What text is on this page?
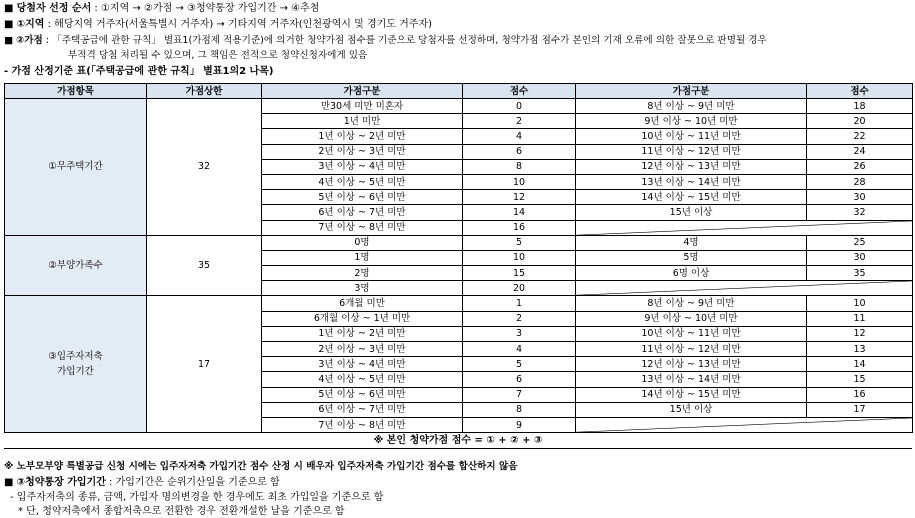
■ 당첨자 선정 순서 : ①지역 → ②가점 → ③청약통장 가입기간 → ④추첨
■ ①지역 : 해당지역 거주자(서울특별시 거주자) → 기타지역 거주자(인천광역시 및 경기도 거주자)
■ ②가점 : 「주택공급에 관한 규칙」 별표1(가점제 적용기준)에 의거한 청약가점 점수를 기준으로 당첨자를 선정하며, 청약가점 점수가 본인의 기재 오류에 의한 잘못으로 판명될 경우
부적격 당첨 처리될 수 있으며, 그 책임은 전적으로 청약신청자에게 있음
- 가점 산정기준 표(「주택공급에 관한 규칙」 별표1의2 나목)
가점항목	가점상한	가점구분	점수	가점구분	점수

①무주택기간	32	만30세 미만 미혼자	0	8년 이상 ~ 9년 미만	18
		1년 미만	2	9년 이상 ~ 10년 미만	20
		1년 이상 ~ 2년 미만	4	10년 이상 ~ 11년 미만	22
		2년 이상 ~ 3년 미만	6	11년 이상 ~ 12년 미만	24
		3년 이상 ~ 4년 미만	8	12년 이상 ~ 13년 미만	26
		4년 이상 ~ 5년 미만	10	13년 이상 ~ 14년 미만	28
		5년 이상 ~ 6년 미만	12	14년 이상 ~ 15년 미만	30
		6년 이상 ~ 7년 미만	14	15년 이상	32
		7년 이상 ~ 8년 미만	16	

②부양가족수	35	0명	5	4명	25
		1명	10	5명	30
		2명	15	6명 이상	35
		3명	20	

③입주자저축
가입기간	17	6개월 미만	1	8년 이상 ~ 9년 미만	10
		6개월 이상 ~ 1년 미만	2	9년 이상 ~ 10년 미만	11
		1년 이상 ~ 2년 미만	3	10년 이상 ~ 11년 미만	12
		2년 이상 ~ 3년 미만	4	11년 이상 ~ 12년 미만	13
		3년 이상 ~ 4년 미만	5	12년 이상 ~ 13년 미만	14
		4년 이상 ~ 5년 미만	6	13년 이상 ~ 14년 미만	15
		5년 이상 ~ 6년 미만	7	14년 이상 ~ 15년 미만	16
		6년 이상 ~ 7년 미만	8	15년 이상	17
		7년 이상 ~ 8년 미만	9	
※ 본인 청약가점 점수 = ① + ② + ③
※ 노부모부양 특별공급 신청 시에는 입주자저축 가입기간 점수 산정 시 배우자 입주자저축 가입기간 점수를 합산하지 않음
■ ③청약통장 가입기간 : 가입기간은 순위기산일을 기준으로 함
- 입주자저축의 종류, 금액, 가입자 명의변경을 한 경우에도 최초 가입일을 기준으로 함
* 단, 청약저축에서 종합저축으로 전환한 경우 전환개설한 날을 기준으로 함
